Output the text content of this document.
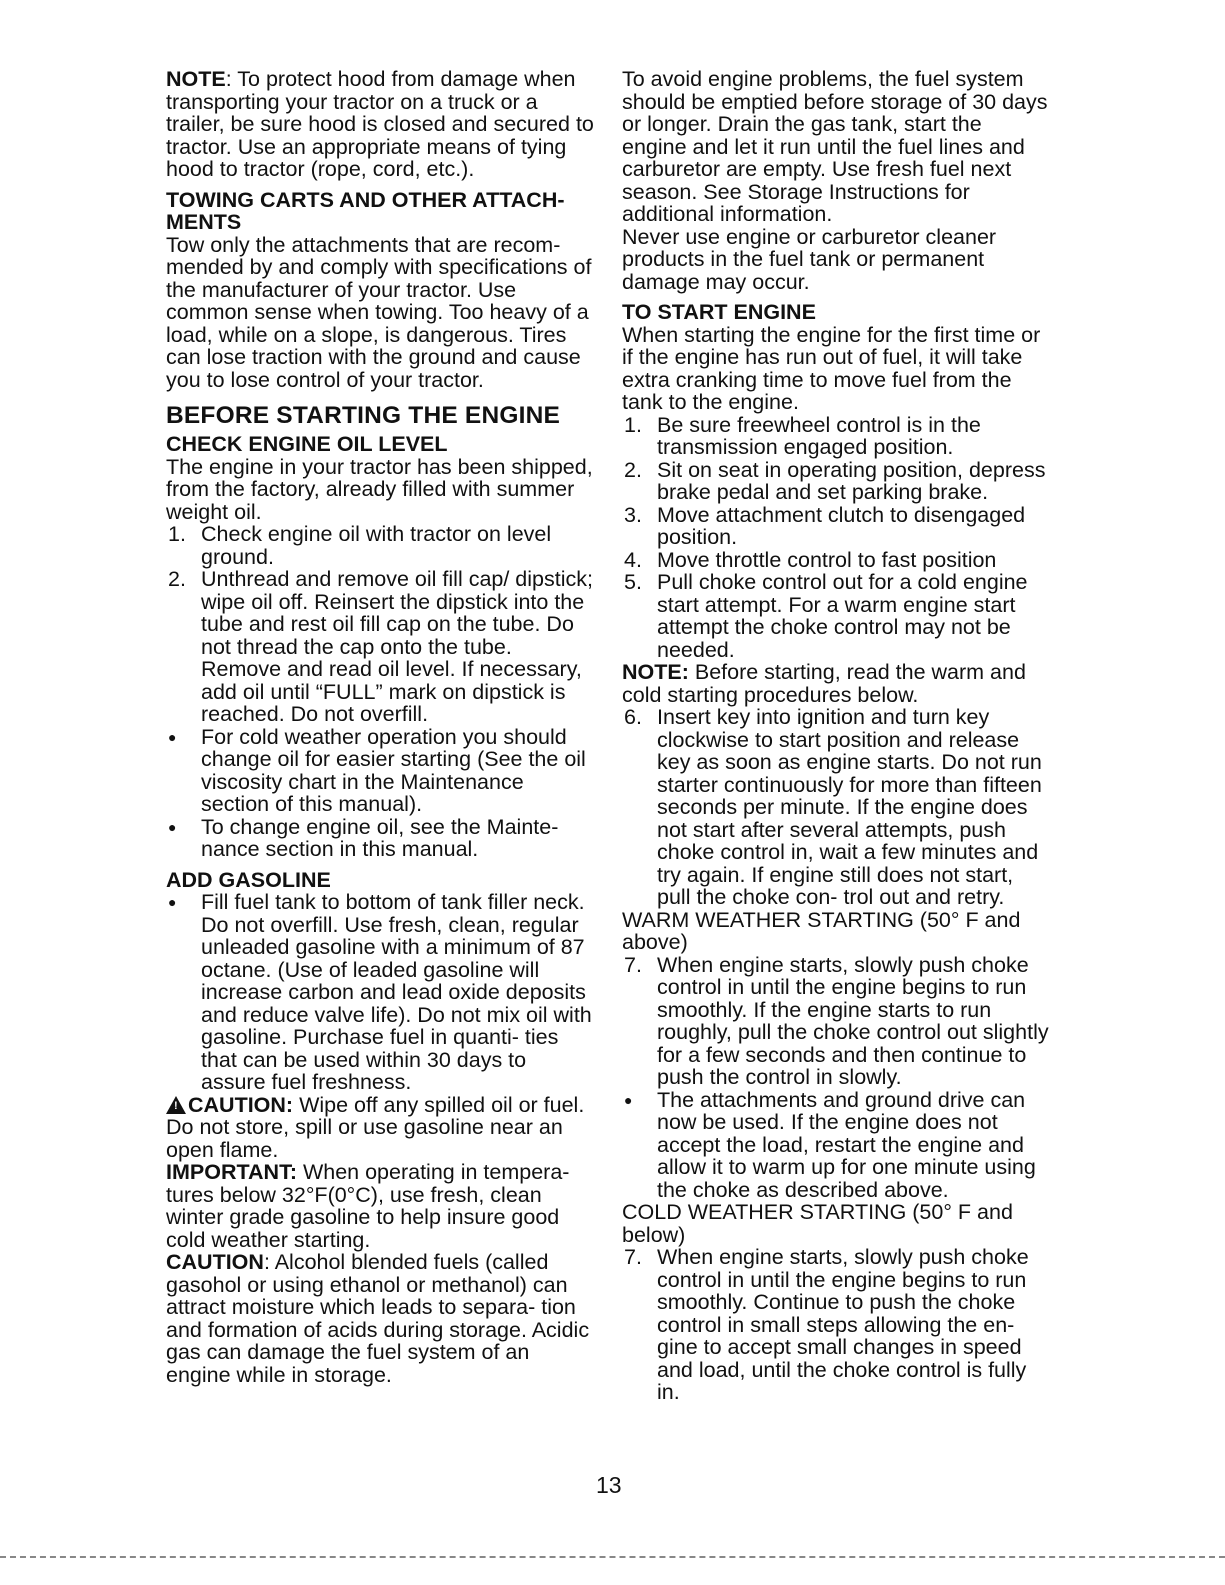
NOTE: To protect hood from damage when transporting your tractor on a truck or a trailer, be sure hood is closed and secured to tractor. Use an appropriate means of tying hood to tractor (rope, cord, etc.).

TOWING CARTS AND OTHER ATTACH- MENTS

Tow only the attachments that are recom- mended by and comply with specifications of the manufacturer of your tractor. Use common sense when towing. Too heavy of a load, while on a slope, is dangerous. Tires can lose traction with the ground and cause you to lose control of your tractor.

BEFORE STARTING THE ENGINE

CHECK ENGINE OIL LEVEL

The engine in your tractor has been shipped, from the factory, already filled with summer weight oil.

1. Check engine oil with tractor on level ground.
2. Unthread and remove oil fill cap/ dipstick; wipe oil off. Reinsert the dipstick into the tube and rest oil fill cap on the tube. Do not thread the cap onto the tube. Remove and read oil level. If necessary, add oil until “FULL” mark on dipstick is reached. Do not overfill.
● For cold weather operation you should change oil for easier starting (See the oil viscosity chart in the Maintenance section of this manual).
● To change engine oil, see the Mainte- nance section in this manual.

ADD GASOLINE

● Fill fuel tank to bottom of tank filler neck. Do not overfill. Use fresh, clean, regular unleaded gasoline with a minimum of 87 octane. (Use of leaded gasoline will increase carbon and lead oxide deposits and reduce valve life). Do not mix oil with gasoline. Purchase fuel in quanti- ties that can be used within 30 days to assure fuel freshness.

! CAUTION: Wipe off any spilled oil or fuel. Do not store, spill or use gasoline near an open flame.

IMPORTANT: When operating in tempera- tures below 32°F(0°C), use fresh, clean winter grade gasoline to help insure good cold weather starting.

CAUTION: Alcohol blended fuels (called gasohol or using ethanol or methanol) can attract moisture which leads to separa- tion and formation of acids during storage. Acidic gas can damage the fuel system of an engine while in storage.

To avoid engine problems, the fuel system should be emptied before storage of 30 days or longer. Drain the gas tank, start the engine and let it run until the fuel lines and carburetor are empty. Use fresh fuel next season. See Storage Instructions for additional information.

Never use engine or carburetor cleaner products in the fuel tank or permanent damage may occur.

TO START ENGINE

When starting the engine for the first time or if the engine has run out of fuel, it will take extra cranking time to move fuel from the tank to the engine.

1. Be sure freewheel control is in the transmission engaged position.
2. Sit on seat in operating position, depress brake pedal and set parking brake.
3. Move attachment clutch to disengaged position.
4. Move throttle control to fast position
5. Pull choke control out for a cold engine start attempt. For a warm engine start attempt the choke control may not be needed.

NOTE: Before starting, read the warm and cold starting procedures below.

6. Insert key into ignition and turn key clockwise to start position and release key as soon as engine starts. Do not run starter continuously for more than fifteen seconds per minute. If the engine does not start after several attempts, push choke control in, wait a few minutes and try again. If engine still does not start, pull the choke con- trol out and retry.

WARM WEATHER STARTING (50° F and above)

7. When engine starts, slowly push choke control in until the engine begins to run smoothly. If the engine starts to run roughly, pull the choke control out slightly for a few seconds and then continue to push the control in slowly.
● The attachments and ground drive can now be used. If the engine does not accept the load, restart the engine and allow it to warm up for one minute using the choke as described above.

COLD WEATHER STARTING (50° F and below)

7. When engine starts, slowly push choke control in until the engine begins to run smoothly. Continue to push the choke control in small steps allowing the en- gine to accept small changes in speed and load, until the choke control is fully in.
13
